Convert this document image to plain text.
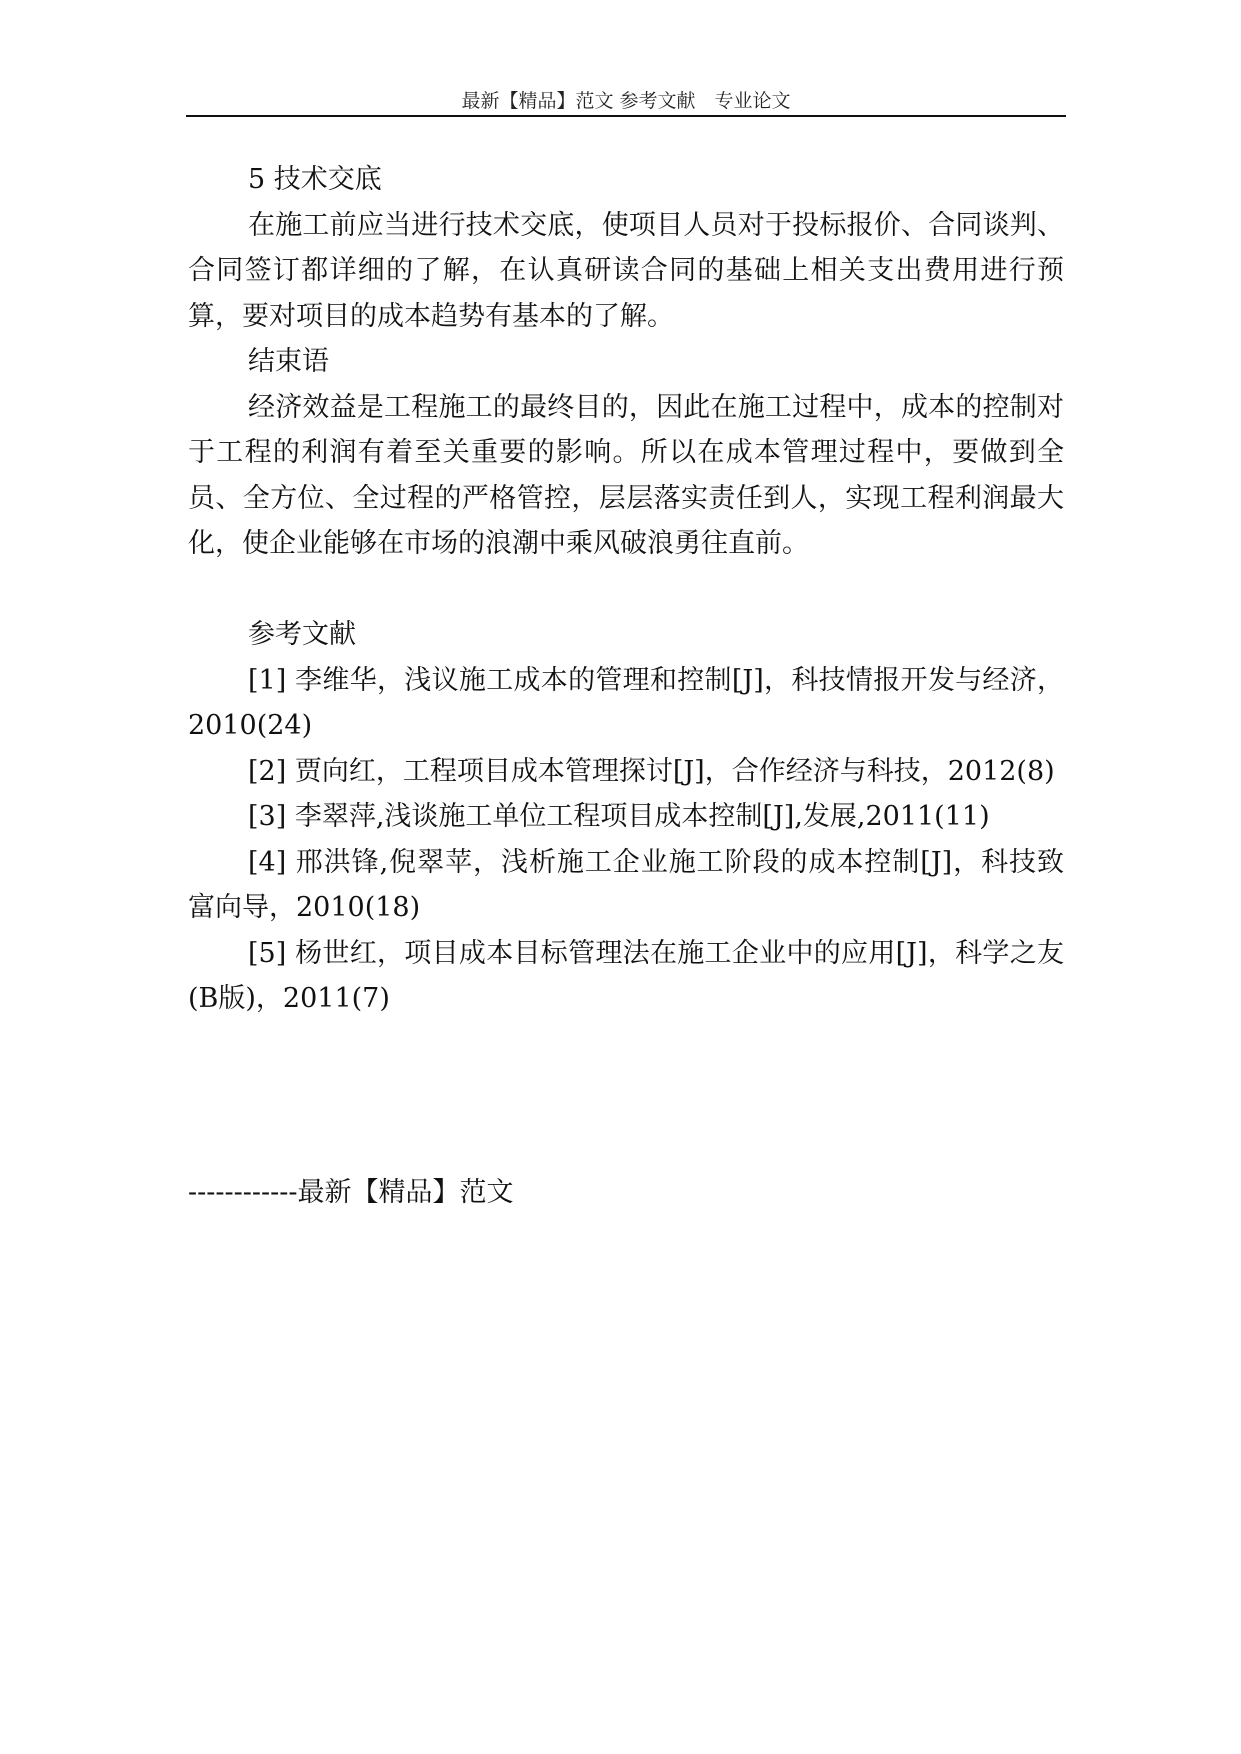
最新【精品】范文 参考文献　专业论文

5 技术交底

在施工前应当进行技术交底，使项目人员对于投标报价、合同谈判、合同签订都详细的了解，在认真研读合同的基础上相关支出费用进行预算，要对项目的成本趋势有基本的了解。

结束语

经济效益是工程施工的最终目的，因此在施工过程中，成本的控制对于工程的利润有着至关重要的影响。所以在成本管理过程中，要做到全员、全方位、全过程的严格管控，层层落实责任到人，实现工程利润最大化，使企业能够在市场的浪潮中乘风破浪勇往直前。

参考文献

[1] 李维华，浅议施工成本的管理和控制[J]，科技情报开发与经济，2010(24)

[2] 贾向红，工程项目成本管理探讨[J]，合作经济与科技，2012(8)

[3] 李翠萍,浅谈施工单位工程项目成本控制[J],发展,2011(11)

[4] 邢洪锋,倪翠苹，浅析施工企业施工阶段的成本控制[J]，科技致富向导，2010(18)

[5] 杨世红，项目成本目标管理法在施工企业中的应用[J]，科学之友(B版)，2011(7)

------------最新【精品】范文
